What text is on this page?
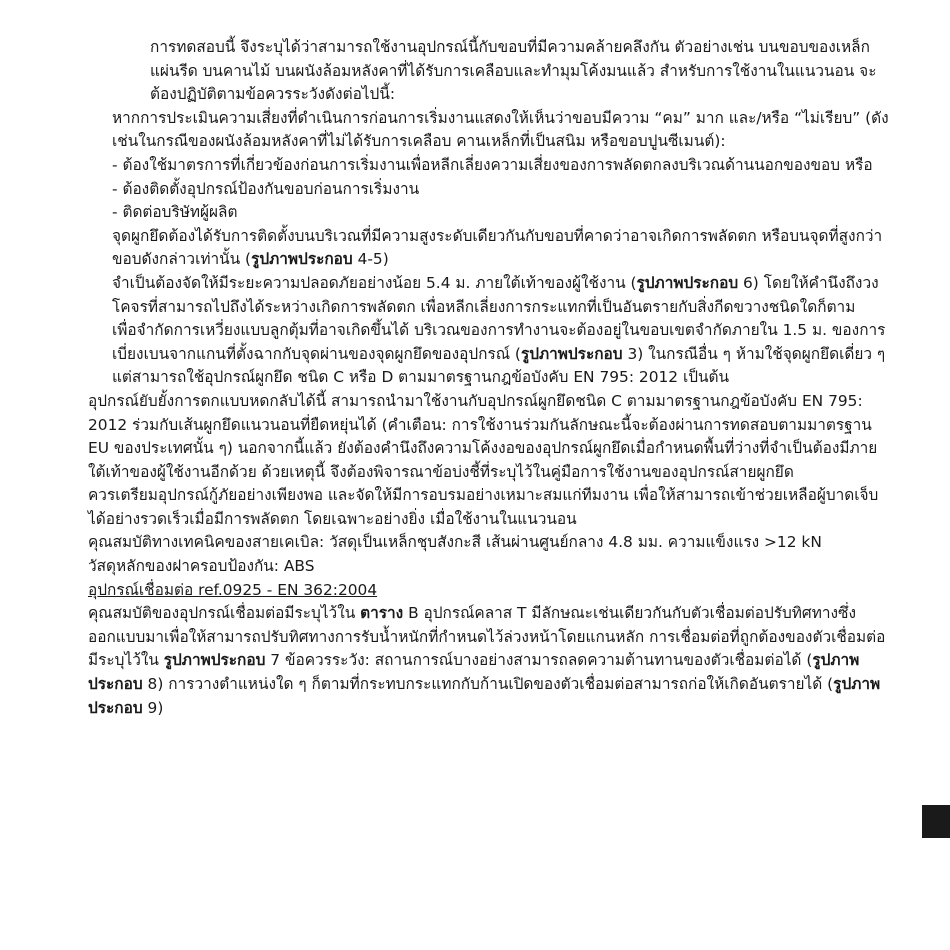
การทดสอบนี้ จึงระบุได้ว่าสามารถใช้งานอุปกรณ์นี้กับขอบที่มีความคล้ายคลึงกัน ตัวอย่างเช่น บนขอบของเหล็กแผ่นรีด บนคานไม้ บนผนังล้อมหลังคาที่ได้รับการเคลือบและทำมุมโค้งมนแล้ว สำหรับการใช้งานในแนวนอน จะต้องปฏิบัติตามข้อควรระวังดังต่อไปนี้:

หากการประเมินความเสี่ยงที่ดำเนินการก่อนการเริ่มงานแสดงให้เห็นว่าขอบมีความ “คม” มาก และ/หรือ “ไม่เรียบ” (ดังเช่นในกรณีของผนังล้อมหลังคาที่ไม่ได้รับการเคลือบ คานเหล็กที่เป็นสนิม หรือขอบปูนซีเมนต์):

- ต้องใช้มาตรการที่เกี่ยวข้องก่อนการเริ่มงานเพื่อหลีกเลี่ยงความเสี่ยงของการพลัดตกลงบริเวณด้านนอกของขอบ หรือ

- ต้องติดตั้งอุปกรณ์ป้องกันขอบก่อนการเริ่มงาน

- ติดต่อบริษัทผู้ผลิต

จุดผูกยึดต้องได้รับการติดตั้งบนบริเวณที่มีความสูงระดับเดียวกันกับขอบที่คาดว่าอาจเกิดการพลัดตก หรือบนจุดที่สูงกว่าขอบดังกล่าวเท่านั้น (รูปภาพประกอบ 4-5)

จำเป็นต้องจัดให้มีระยะความปลอดภัยอย่างน้อย 5.4 ม. ภายใต้เท้าของผู้ใช้งาน (รูปภาพประกอบ 6) โดยให้คำนึงถึงวงโคจรที่สามารถไปถึงได้ระหว่างเกิดการพลัดตก เพื่อหลีกเลี่ยงการกระแทกที่เป็นอันตรายกับสิ่งกีดขวางชนิดใดก็ตาม

เพื่อจำกัดการเหวี่ยงแบบลูกตุ้มที่อาจเกิดขึ้นได้ บริเวณของการทำงานจะต้องอยู่ในขอบเขตจำกัดภายใน 1.5 ม. ของการเบี่ยงเบนจากแกนที่ตั้งฉากกับจุดผ่านของจุดผูกยึดของอุปกรณ์ (รูปภาพประกอบ 3) ในกรณีอื่น ๆ ห้ามใช้จุดผูกยึดเดี่ยว ๆ แต่สามารถใช้อุปกรณ์ผูกยึด ชนิด C หรือ D ตามมาตรฐานกฎข้อบังคับ EN 795: 2012 เป็นต้น

อุปกรณ์ยับยั้งการตกแบบหดกลับได้นี้ สามารถนำมาใช้งานกับอุปกรณ์ผูกยึดชนิด C ตามมาตรฐานกฎข้อบังคับ EN 795: 2012 ร่วมกับเส้นผูกยึดแนวนอนที่ยืดหยุ่นได้ (คำเตือน: การใช้งานร่วมกันลักษณะนี้จะต้องผ่านการทดสอบตามมาตรฐาน EU ของประเทศนั้น ๆ) นอกจากนี้แล้ว ยังต้องคำนึงถึงความโค้งงอของอุปกรณ์ผูกยึดเมื่อกำหนดพื้นที่ว่างที่จำเป็นต้องมีภายใต้เท้าของผู้ใช้งานอีกด้วย ด้วยเหตุนี้ จึงต้องพิจารณาข้อบ่งชี้ที่ระบุไว้ในคู่มือการใช้งานของอุปกรณ์สายผูกยึด

ควรเตรียมอุปกรณ์กู้ภัยอย่างเพียงพอ และจัดให้มีการอบรมอย่างเหมาะสมแก่ทีมงาน เพื่อให้สามารถเข้าช่วยเหลือผู้บาดเจ็บได้อย่างรวดเร็วเมื่อมีการพลัดตก โดยเฉพาะอย่างยิ่ง เมื่อใช้งานในแนวนอน

คุณสมบัติทางเทคนิคของสายเคเบิล: วัสดุเป็นเหล็กชุบสังกะสี เส้นผ่านศูนย์กลาง 4.8 มม. ความแข็งแรง >12 kN

วัสดุหลักของฝาครอบป้องกัน: ABS

อุปกรณ์เชื่อมต่อ ref.0925 - EN 362:2004

คุณสมบัติของอุปกรณ์เชื่อมต่อมีระบุไว้ใน ตาราง B อุปกรณ์คลาส T มีลักษณะเช่นเดียวกันกับตัวเชื่อมต่อปรับทิศทางซึ่งออกแบบมาเพื่อให้สามารถปรับทิศทางการรับน้ำหนักที่กำหนดไว้ล่วงหน้าโดยแกนหลัก การเชื่อมต่อที่ถูกต้องของตัวเชื่อมต่อมีระบุไว้ใน รูปภาพประกอบ 7 ข้อควรระวัง: สถานการณ์บางอย่างสามารถลดความต้านทานของตัวเชื่อมต่อได้ (รูปภาพประกอบ 8) การวางตำแหน่งใด ๆ ก็ตามที่กระทบกระแทกกับก้านเปิดของตัวเชื่อมต่อสามารถก่อให้เกิดอันตรายได้ (รูปภาพประกอบ 9)
